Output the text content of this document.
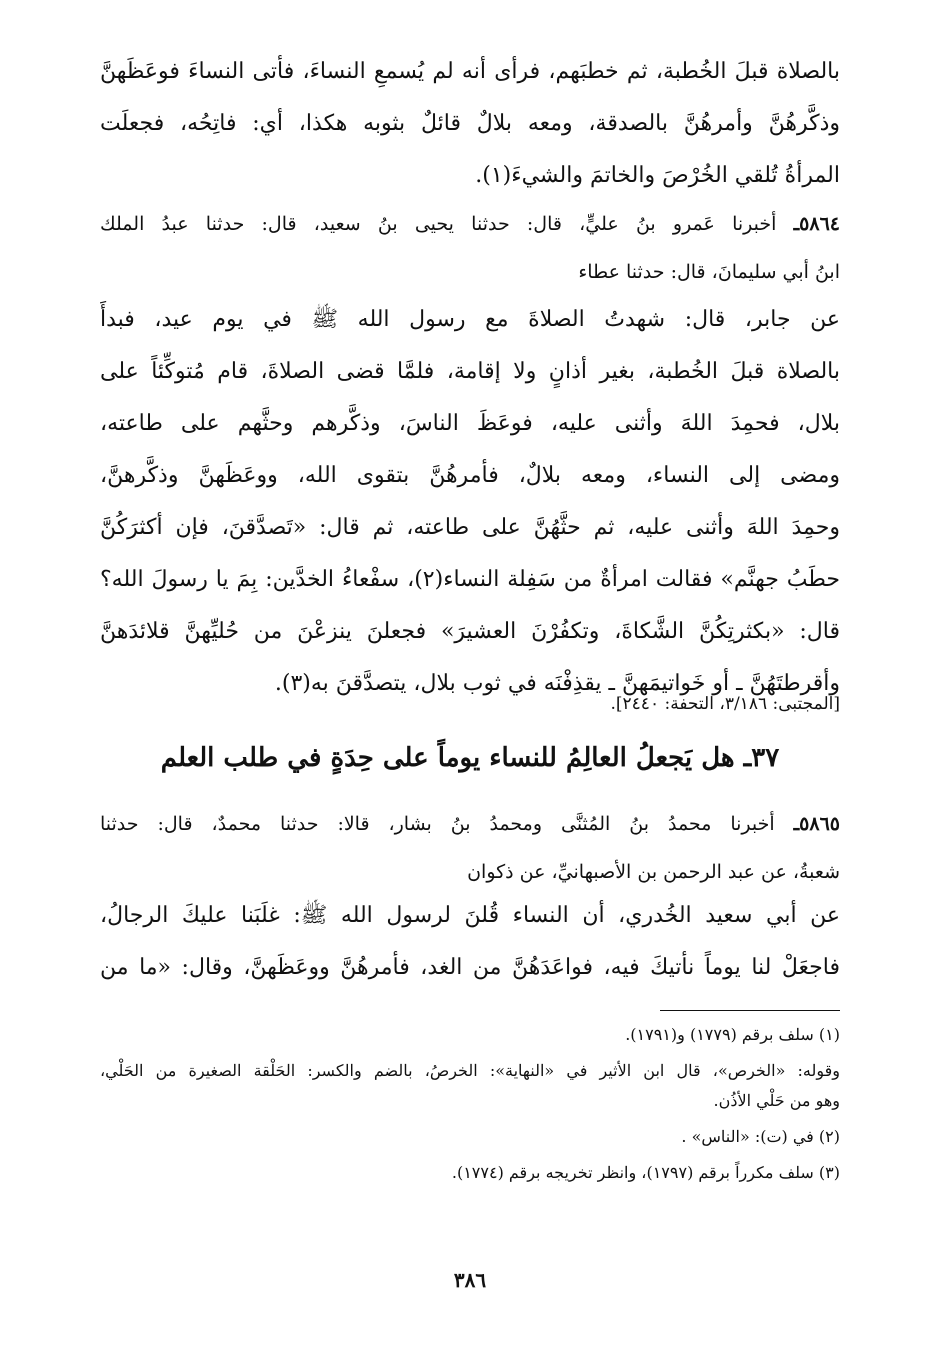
بالصلاة قبلَ الخُطبة، ثم خطبَهم، فرأى أنه لم يُسمعِ النساءَ، فأتى النساءَ فوعَظَهنَّ
وذكَّرهُنَّ وأمرهُنَّ بالصدقة، ومعه بلالٌ قائلٌ بثوبه هكذا، أي: فاتِحُه، فجعلَت
المرأةُ تُلقي الخُرْصَ والخاتمَ والشيءَ(١).
٥٨٦٤ـ أخبرنا عَمرو بنُ عليٍّ، قال: حدثنا يحيى بنُ سعيد، قال: حدثنا عبدُ الملك
ابنُ أبي سليمانَ، قال: حدثنا عطاء
عن جابر، قال: شهدتُ الصلاةَ مع رسول الله ﷺ في يوم عيد، فبدأَ
بالصلاة قبلَ الخُطبة، بغير أذانٍ ولا إقامة، فلمَّا قضى الصلاةَ، قام مُتوكِّئاً على
بلال، فحمِدَ اللهَ وأثنى عليه، فوعَظَ الناسَ، وذكَّرهم وحثَّهم على طاعته،
ومضى إلى النساء، ومعه بلالٌ، فأمرهُنَّ بتقوى الله، ووعَظَهنَّ وذكَّرهنَّ،
وحمِدَ اللهَ وأثنى عليه، ثم حثَّهُنَّ على طاعته، ثم قال: «تَصدَّقنَ، فإن أكثرَكُنَّ
حطَبُ جهنَّم» فقالت امرأةٌ من سَفِلة النساء(٢)، سفْعاءُ الخدَّين: بِمَ يا رسولَ الله؟
قال: «بكثرتِكُنَّ الشَّكاةَ، وتكفُرْنَ العشيرَ» فجعلنَ ينزعْنَ من حُليِّهنَّ قلائدَهنَّ
وأقرطتَهُنَّ ـ أو خَواتيمَهنَّ ـ يقذِفْنَه في ثوب بلال، يتصدَّقنَ به(٣).
[المجتبى: ٣/١٨٦، التحفة: ٢٤٤٠].
٣٧ـ هل يَجعلُ العالِمُ للنساء يوماً على حِدَةٍ في طلب العلم
٥٨٦٥ـ أخبرنا محمدُ بنُ المُثنَّى ومحمدُ بنُ بشار، قالا: حدثنا محمدٌ، قال: حدثنا
شعبةُ، عن عبد الرحمن بن الأصبهانيِّ، عن ذكوان
عن أبي سعيد الخُدري، أن النساء قُلنَ لرسول الله ﷺ: غلَبَنا عليكَ الرجالُ،
فاجعَلْ لنا يوماً نأتيكَ فيه، فواعَدَهُنَّ من الغد، فأمرهُنَّ ووعَظَهنَّ، وقال: «ما من
(١) سلف برقم (١٧٧٩) و(١٧٩١).
وقوله: «الخرص»، قال ابن الأثير في «النهاية»: الخرصُ، بالضم والكسر: الحَلْقة الصغيرة من الحَلْي،
وهو من حَلْي الأذُن.
(٢) في (ت): «الناس» .
(٣) سلف مكرراً برقم (١٧٩٧)، وانظر تخريجه برقم (١٧٧٤).
٣٨٦
